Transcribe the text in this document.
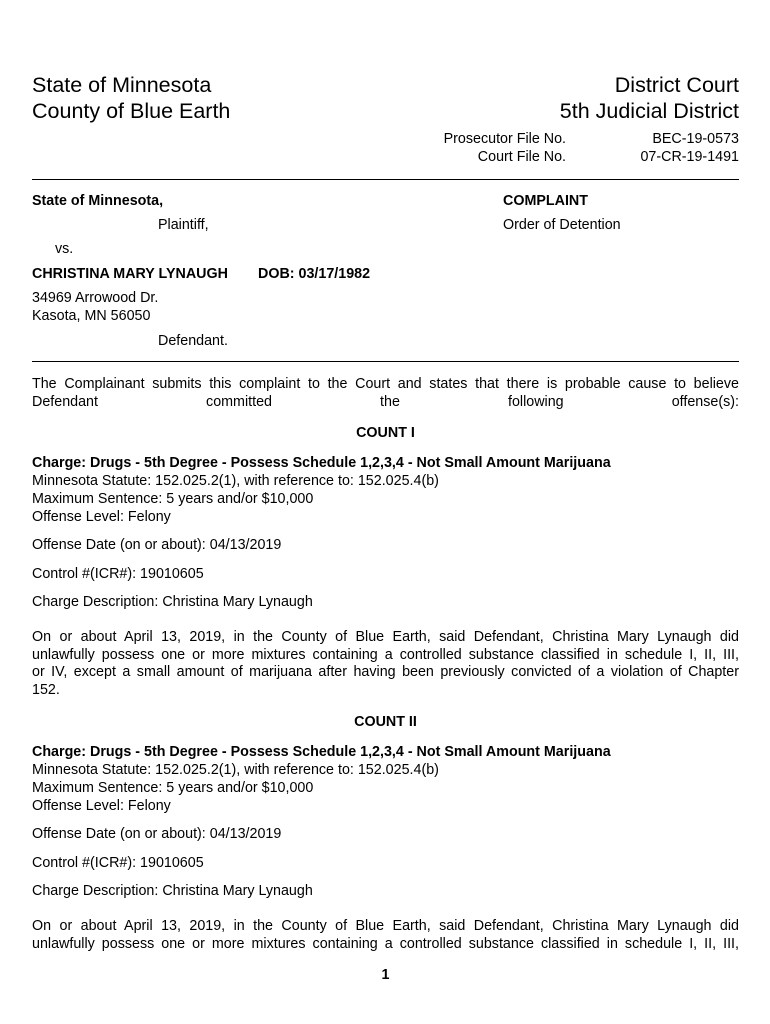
State of Minnesota
County of Blue Earth
District Court
5th Judicial District
Prosecutor File No.	BEC-19-0573
Court File No.	07-CR-19-1491
State of Minnesota,
Plaintiff,
vs.
CHRISTINA MARY LYNAUGH DOB: 03/17/1982
34969 Arrowood Dr.
Kasota, MN 56050
Defendant.
COMPLAINT
Order of Detention
The Complainant submits this complaint to the Court and states that there is probable cause to believe Defendant committed the following offense(s):
COUNT I
Charge: Drugs - 5th Degree - Possess Schedule 1,2,3,4 - Not Small Amount Marijuana
Minnesota Statute: 152.025.2(1), with reference to: 152.025.4(b)
Maximum Sentence: 5 years and/or $10,000
Offense Level: Felony
Offense Date (on or about): 04/13/2019
Control #(ICR#): 19010605
Charge Description: Christina Mary Lynaugh
On or about April 13, 2019, in the County of Blue Earth, said Defendant, Christina Mary Lynaugh did
unlawfully possess one or more mixtures containing a controlled substance classified in schedule I, II, III,
or IV, except a small amount of marijuana after having been previously convicted of a violation of Chapter
152.
COUNT II
Charge: Drugs - 5th Degree - Possess Schedule 1,2,3,4 - Not Small Amount Marijuana
Minnesota Statute: 152.025.2(1), with reference to: 152.025.4(b)
Maximum Sentence: 5 years and/or $10,000
Offense Level: Felony
Offense Date (on or about): 04/13/2019
Control #(ICR#): 19010605
Charge Description: Christina Mary Lynaugh
On or about April 13, 2019, in the County of Blue Earth, said Defendant, Christina Mary Lynaugh did
unlawfully possess one or more mixtures containing a controlled substance classified in schedule I, II, III,
1
